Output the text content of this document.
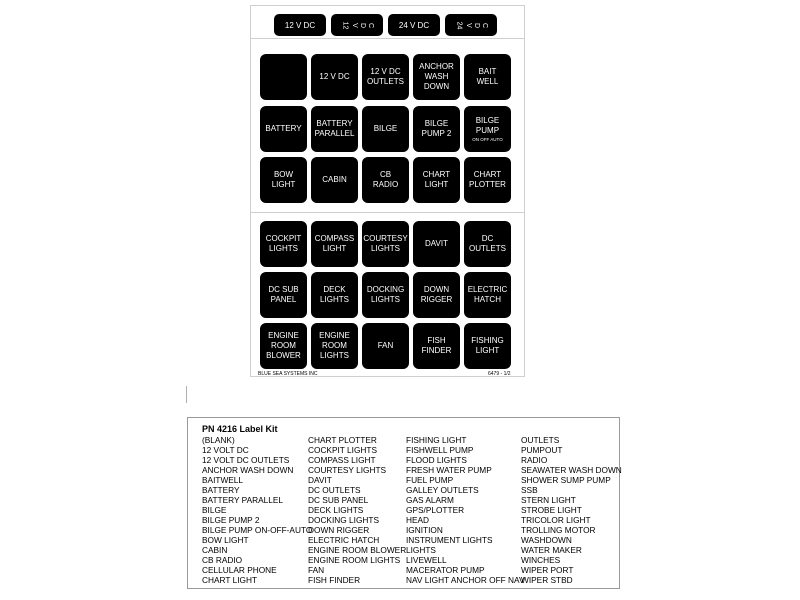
12 V DC	12 V D C	24 V DC	24 V D C
12 V DC
12 V DC
OUTLETS
ANCHOR
WASH
DOWN
BAIT
WELL
BATTERY
BATTERY
PARALLEL
BILGE
BILGE
PUMP 2
BILGE
PUMP
ON OFF AUTO
BOW
LIGHT
CABIN
CB
RADIO
CHART
LIGHT
CHART
PLOTTER
COCKPIT
LIGHTS
COMPASS
LIGHT
COURTESY
LIGHTS
DAVIT
DC
OUTLETS
DC SUB
PANEL
DECK
LIGHTS
DOCKING
LIGHTS
DOWN
RIGGER
ELECTRIC
HATCH
ENGINE
ROOM
BLOWER
ENGINE
ROOM
LIGHTS
FAN
FISH
FINDER
FISHING
LIGHT
BLUE SEA SYSTEMS INC	6479 - 1/2
PN 4216 Label Kit
(BLANK)
12 VOLT DC
12 VOLT DC OUTLETS
ANCHOR WASH DOWN
BAITWELL
BATTERY
BATTERY PARALLEL
BILGE
BILGE PUMP 2
BILGE PUMP ON-OFF-AUTO
BOW LIGHT
CABIN
CB RADIO
CELLULAR PHONE
CHART LIGHT
CHART PLOTTER
COCKPIT LIGHTS
COMPASS LIGHT
COURTESY LIGHTS
DAVIT
DC OUTLETS
DC SUB PANEL
DECK LIGHTS
DOCKING LIGHTS
DOWN RIGGER
ELECTRIC HATCH
ENGINE ROOM BLOWER
ENGINE ROOM LIGHTS
FAN
FISH FINDER
FISHING LIGHT
FISHWELL PUMP
FLOOD LIGHTS
FRESH WATER PUMP
FUEL PUMP
GALLEY OUTLETS
GAS ALARM
GPS/PLOTTER
HEAD
IGNITION
INSTRUMENT LIGHTS
LIGHTS
LIVEWELL
MACERATOR PUMP
NAV LIGHT ANCHOR OFF NAV
OUTLETS
PUMPOUT
RADIO
SEAWATER WASH DOWN
SHOWER SUMP PUMP
SSB
STERN LIGHT
STROBE LIGHT
TRICOLOR LIGHT
TROLLING MOTOR
WASHDOWN
WATER MAKER
WINCHES
WIPER PORT
WIPER STBD
